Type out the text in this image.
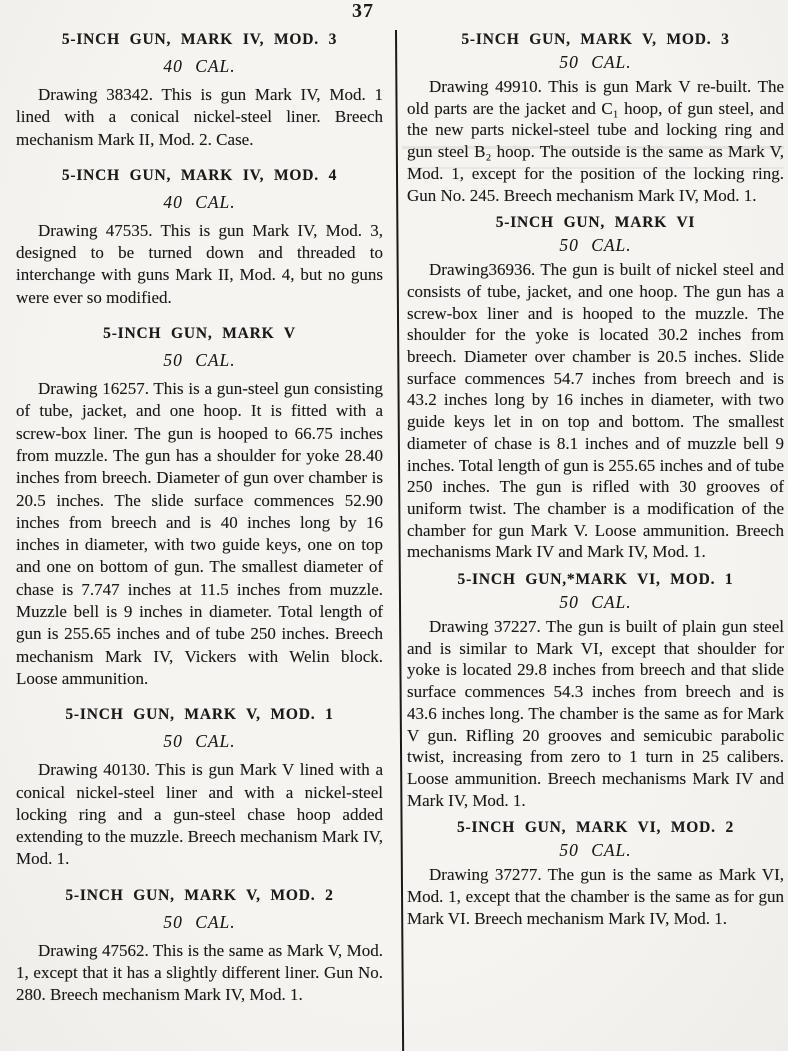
37
5-INCH GUN, MARK IV, MOD. 3
40 CAL.

Drawing 38342. This is gun Mark IV, Mod. 1 lined with a conical nickel-steel liner. Breech mechanism Mark II, Mod. 2. Case.

5-INCH GUN, MARK IV, MOD. 4
40 CAL.

Drawing 47535. This is gun Mark IV, Mod. 3, designed to be turned down and threaded to interchange with guns Mark II, Mod. 4, but no guns were ever so modified.

5-INCH GUN, MARK V
50 CAL.

Drawing 16257. This is a gun-steel gun consisting of tube, jacket, and one hoop. It is fitted with a screw-box liner. The gun is hooped to 66.75 inches from muzzle. The gun has a shoulder for yoke 28.40 inches from breech. Diameter of gun over chamber is 20.5 inches. The slide surface commences 52.90 inches from breech and is 40 inches long by 16 inches in diameter, with two guide keys, one on top and one on bottom of gun. The smallest diameter of chase is 7.747 inches at 11.5 inches from muzzle. Muzzle bell is 9 inches in diameter. Total length of gun is 255.65 inches and of tube 250 inches. Breech mechanism Mark IV, Vickers with Welin block. Loose ammunition.

5-INCH GUN, MARK V, MOD. 1
50 CAL.

Drawing 40130. This is gun Mark V lined with a conical nickel-steel liner and with a nickel-steel locking ring and a gun-steel chase hoop added extending to the muzzle. Breech mechanism Mark IV, Mod. 1.

5-INCH GUN, MARK V, MOD. 2
50 CAL.

Drawing 47562. This is the same as Mark V, Mod. 1, except that it has a slightly different liner. Gun No. 280. Breech mechanism Mark IV, Mod. 1.

5-INCH GUN, MARK V, MOD. 3
50 CAL.

Drawing 49910. This is gun Mark V re-built. The old parts are the jacket and C₁ hoop, of gun steel, and the new parts nickel-steel tube and locking ring and gun steel B₂ hoop. The outside is the same as Mark V, Mod. 1, except for the position of the locking ring. Gun No. 245. Breech mechanism Mark IV, Mod. 1.

5-INCH GUN, MARK VI
50 CAL.

Drawing36936. The gun is built of nickel steel and consists of tube, jacket, and one hoop. The gun has a screw-box liner and is hooped to the muzzle. The shoulder for the yoke is located 30.2 inches from breech. Diameter over chamber is 20.5 inches. Slide surface commences 54.7 inches from breech and is 43.2 inches long by 16 inches in diameter, with two guide keys let in on top and bottom. The smallest diameter of chase is 8.1 inches and of muzzle bell 9 inches. Total length of gun is 255.65 inches and of tube 250 inches. The gun is rifled with 30 grooves of uniform twist. The chamber is a modification of the chamber for gun Mark V. Loose ammunition. Breech mechanisms Mark IV and Mark IV, Mod. 1.

5-INCH GUN,*MARK VI, MOD. 1
50 CAL.

Drawing 37227. The gun is built of plain gun steel and is similar to Mark VI, except that shoulder for yoke is located 29.8 inches from breech and that slide surface commences 54.3 inches from breech and is 43.6 inches long. The chamber is the same as for Mark V gun. Rifling 20 grooves and semicubic parabolic twist, increasing from zero to 1 turn in 25 calibers. Loose ammunition. Breech mechanisms Mark IV and Mark IV, Mod. 1.

5-INCH GUN, MARK VI, MOD. 2
50 CAL.

Drawing 37277. The gun is the same as Mark VI, Mod. 1, except that the chamber is the same as for gun Mark VI. Breech mechanism Mark IV, Mod. 1.
